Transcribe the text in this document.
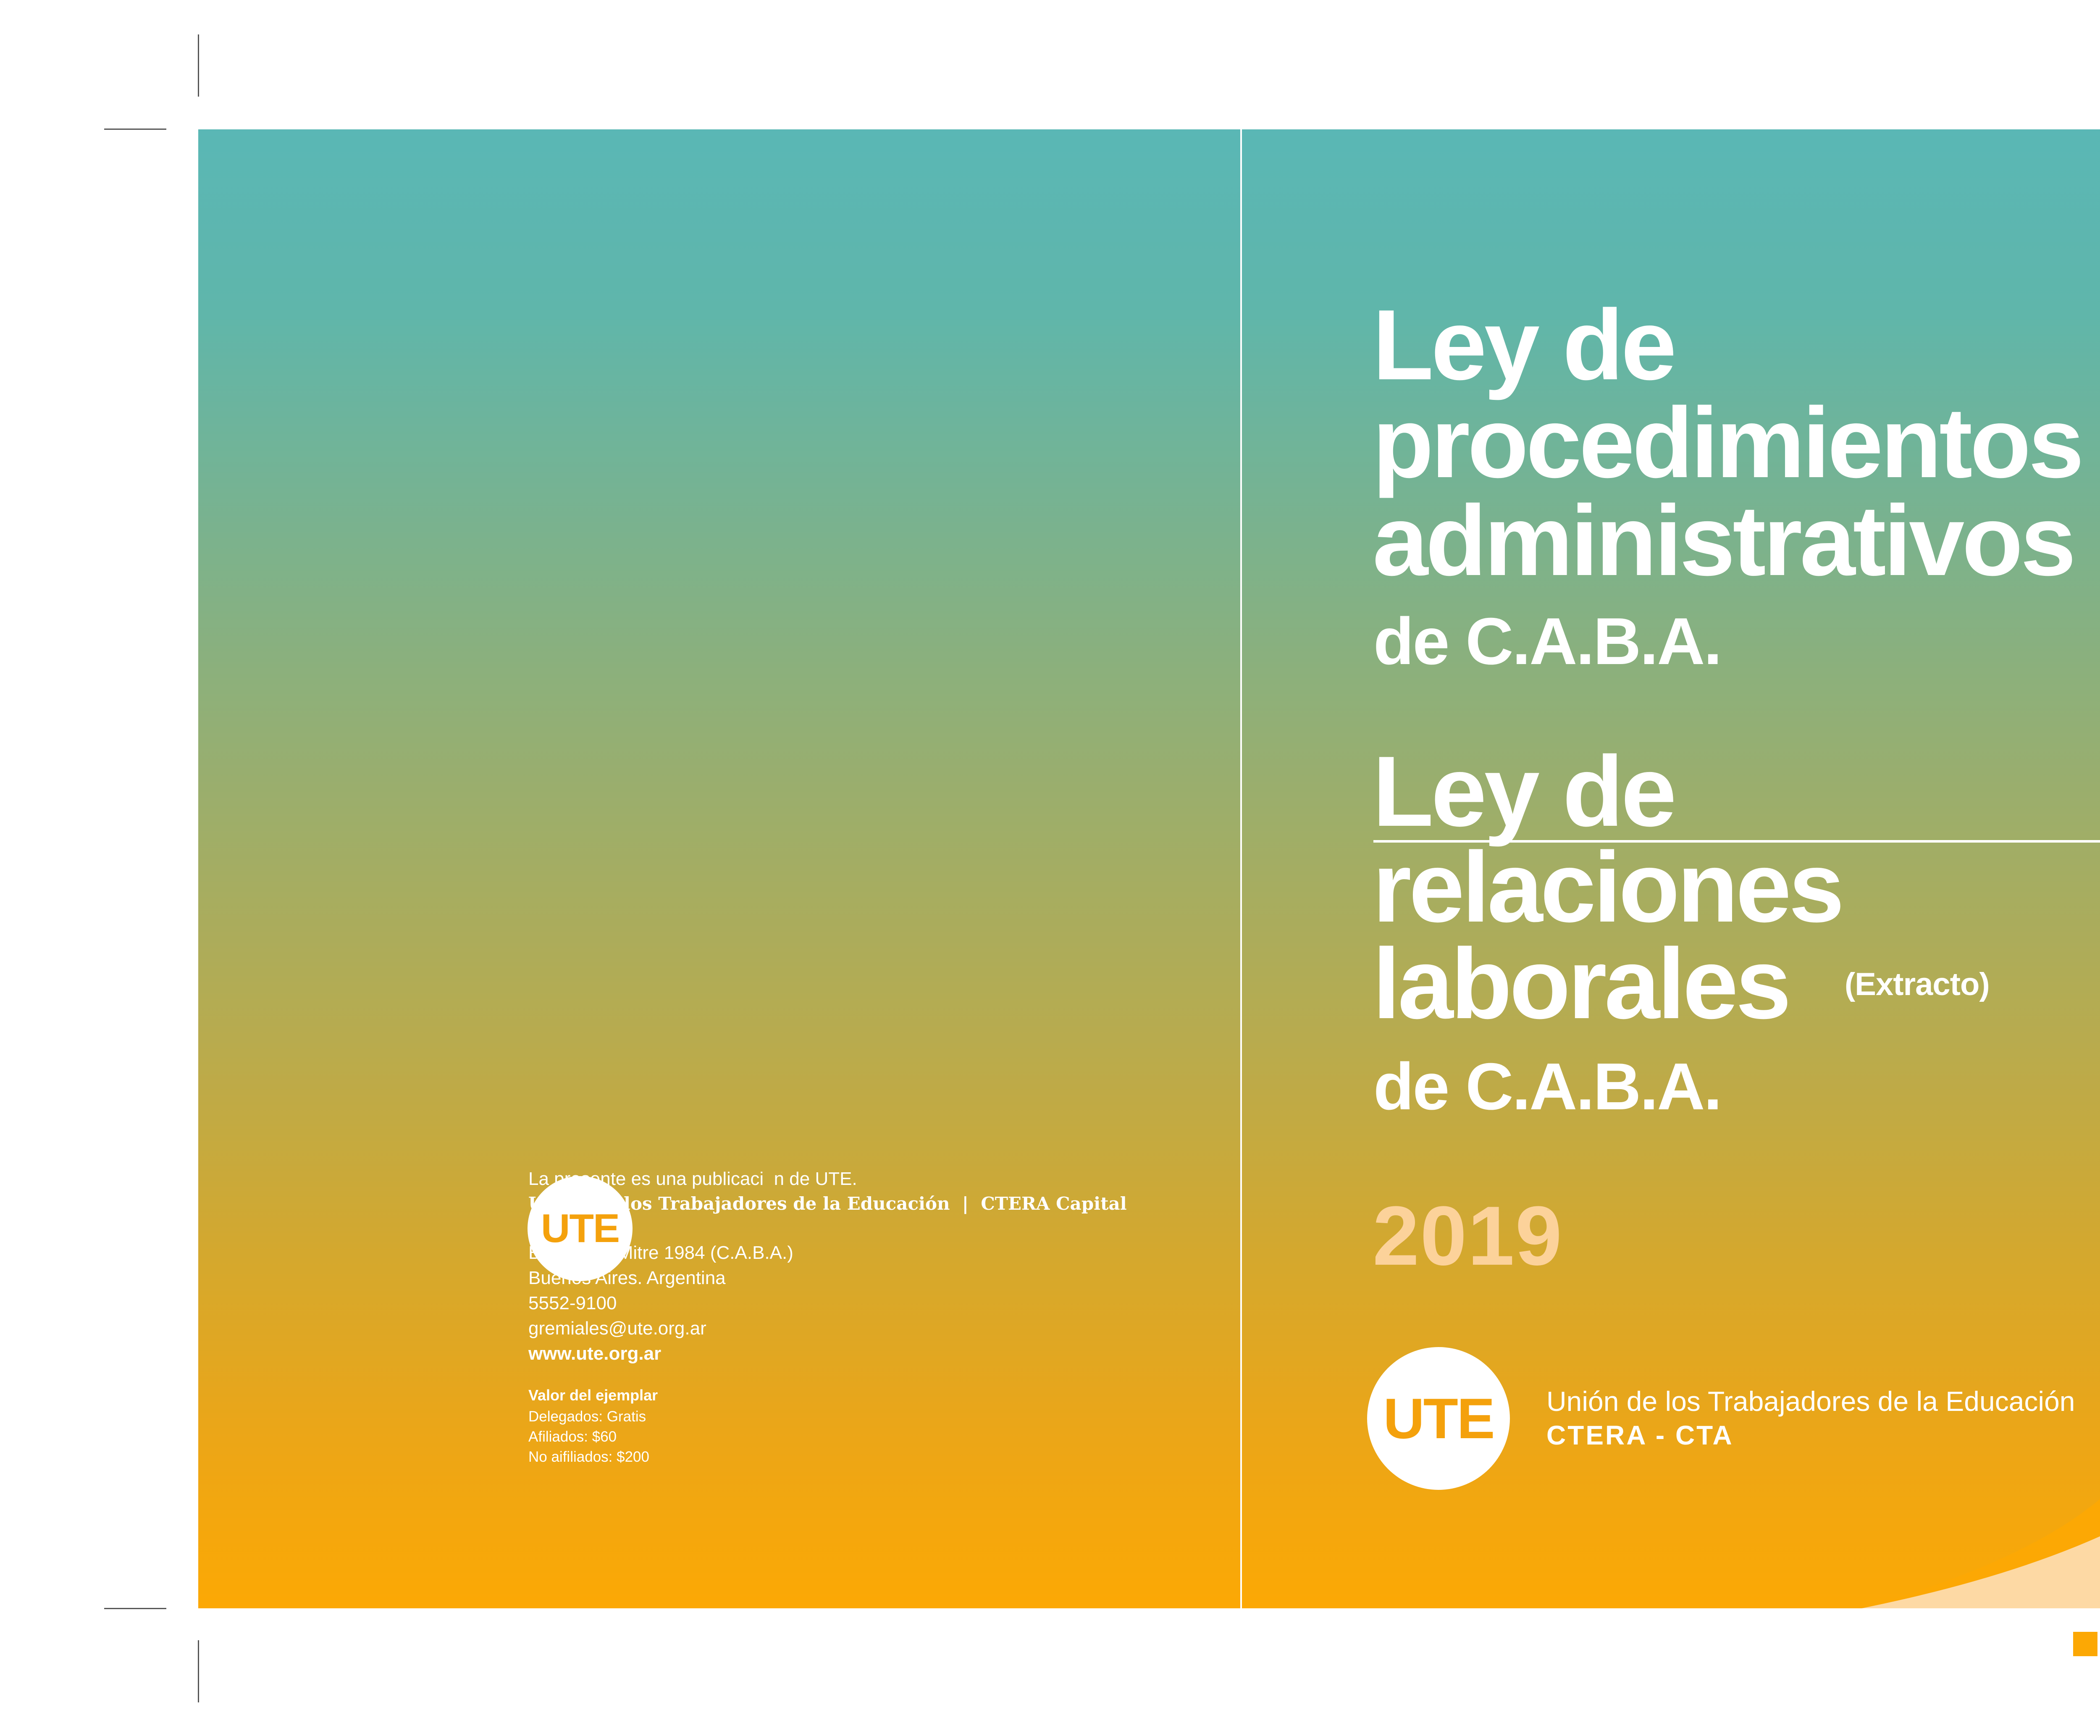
UTE
La presente es una publicaci  n de UTE.
Unión de los Trabajadores de la Educación  |  CTERA Capital
Bartolom   Mitre 1984 (C.A.B.A.)
Buenos Aires. Argentina
5552-9100
gremiales@ute.org.ar
www.ute.org.ar
Valor del ejemplar
Delegados: Gratis
Afiliados: $60
No aifiliados: $200
Ley de
procedimientos
administrativos
de C.A.B.A.
Ley de
relaciones
laborales (Extracto)
de C.A.B.A.
2019
UTE Unión de los Trabajadores de la Educación
CTERA - CTA
